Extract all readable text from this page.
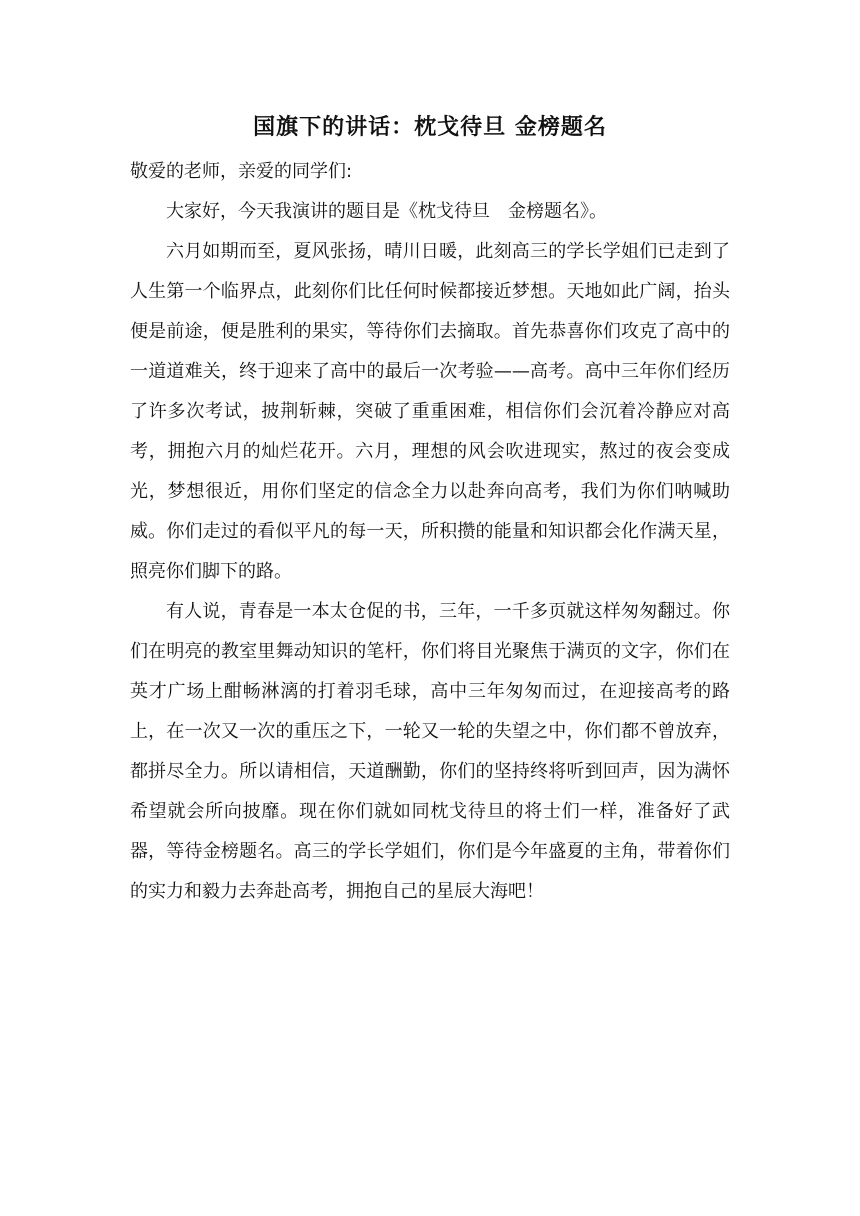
国旗下的讲话：枕戈待旦 金榜题名

敬爱的老师，亲爱的同学们:

大家好，今天我演讲的题目是《枕戈待旦　金榜题名》。

六月如期而至，夏风张扬，晴川日暖，此刻高三的学长学姐们已走到了人生第一个临界点，此刻你们比任何时候都接近梦想。天地如此广阔，抬头便是前途，便是胜利的果实，等待你们去摘取。首先恭喜你们攻克了高中的一道道难关，终于迎来了高中的最后一次考验——高考。高中三年你们经历了许多次考试，披荆斩棘，突破了重重困难，相信你们会沉着冷静应对高考，拥抱六月的灿烂花开。六月，理想的风会吹进现实，熬过的夜会变成光，梦想很近，用你们坚定的信念全力以赴奔向高考，我们为你们呐喊助威。你们走过的看似平凡的每一天，所积攒的能量和知识都会化作满天星，照亮你们脚下的路。

有人说，青春是一本太仓促的书，三年，一千多页就这样匆匆翻过。你们在明亮的教室里舞动知识的笔杆，你们将目光聚焦于满页的文字，你们在英才广场上酣畅淋漓的打着羽毛球，高中三年匆匆而过，在迎接高考的路上，在一次又一次的重压之下，一轮又一轮的失望之中，你们都不曾放弃，都拼尽全力。所以请相信，天道酬勤，你们的坚持终将听到回声，因为满怀希望就会所向披靡。现在你们就如同枕戈待旦的将士们一样，准备好了武器，等待金榜题名。高三的学长学姐们，你们是今年盛夏的主角，带着你们的实力和毅力去奔赴高考，拥抱自己的星辰大海吧！
